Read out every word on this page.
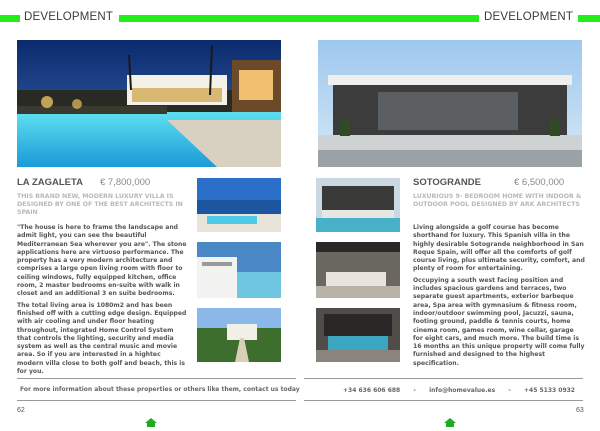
DEVELOPMENT
LA ZAGALETA € 7,800,000
THIS BRAND NEW, MODERN LUXURY VILLA IS DESIGNED BY ONE OF THE BEST ARCHITECTS IN SPAIN

"The house is here to frame the landscape and admit light, you can see the beautiful Mediterranean Sea wherever you are". The stone applications here are virtuoso performance. The property has a very modern architecture and comprises a large open living room with floor to ceiling windows, fully equipped kitchen, office room, 2 master bedrooms en-suite with walk in closet and an additional 3 en suite bedrooms.

The total living area is 1080m2 and has been finished off with a cutting edge design. Equipped with air cooling and under floor heating throughout, integrated Home Control System that controls the lighting, security and media system as well as the central music and movie area. So if you are interested in a hightec modern villa close to both golf and beach, this is for you.

For more information about these properties or others like them, contact us today
62
DEVELOPMENT
SOTOGRANDE	€ 6,500,000
LUXURIOUS 9- BEDROOM HOME WITH INDOOR & OUTDOOR POOL DESIGNED BY ARK ARCHITECTS

Living alongside a golf course has become shorthand for luxury. This Spanish villa in the highly desirable Sotogrande neighborhood in San Roque Spain, will offer all the comforts of golf course living, plus ultimate security, comfort, and plenty of room for entertaining.

Occupying a south west facing position and includes spacious gardens and terraces, two separate guest apartments, exterior barbeque area, Spa area with gymnasium & fitness room, indoor/outdoor swimming pool, Jacuzzi, sauna, footing ground, paddle & tennis courts, home cinema room, games room, wine cellar, garage for eight cars, and much more. The build time is 16 months an this unique property will come fully furnished and designed to the highest specification.

+34 636 606 688 - info@homevalue.es - +45 5133 0932
63
